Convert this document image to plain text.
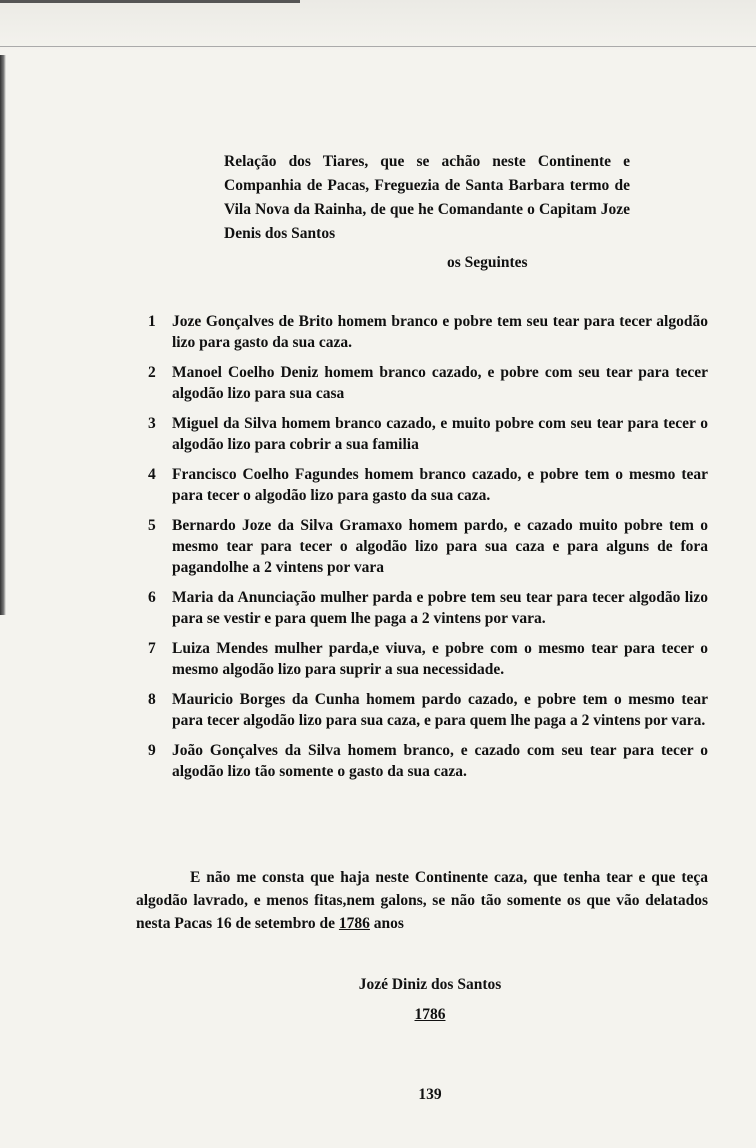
Relação dos Tiares, que se achão neste Continente e Companhia de Pacas, Freguezia de Santa Barbara termo de Vila Nova da Rainha, de que he Comandante o Capitam Joze Denis dos Santos

os Seguintes

1	Joze Gonçalves de Brito homem branco e pobre tem seu tear para tecer algodão lizo para gasto da sua caza.
2	Manoel Coelho Deniz homem branco cazado, e pobre com seu tear para tecer algodão lizo para sua casa
3	Miguel da Silva homem branco cazado, e muito pobre com seu tear para tecer o algodão lizo para cobrir a sua familia
4	Francisco Coelho Fagundes homem branco cazado, e pobre tem o mesmo tear para tecer o algodão lizo para gasto da sua caza.
5	Bernardo Joze da Silva Gramaxo homem pardo, e cazado muito pobre tem o mesmo tear para tecer o algodão lizo para sua caza e para alguns de fora pagandolhe a 2 vintens por vara
6	Maria da Anunciação mulher parda e pobre tem seu tear para tecer algodão lizo para se vestir e para quem lhe paga a 2 vintens por vara.
7	Luiza Mendes mulher parda,e viuva, e pobre com o mesmo tear para tecer o mesmo algodão lizo para suprir a sua necessidade.
8	Mauricio Borges da Cunha homem pardo cazado, e pobre tem o mesmo tear para tecer algodão lizo para sua caza, e para quem lhe paga a 2 vintens por vara.
9	João Gonçalves da Silva homem branco, e cazado com seu tear para tecer o algodão lizo tão somente o gasto da sua caza.

E não me consta que haja neste Continente caza, que tenha tear e que teça algodão lavrado, e menos fitas,nem galons, se não tão somente os que vão delatados nesta Pacas 16 de setembro de 1786 anos

Jozé Diniz dos Santos
1786

139
